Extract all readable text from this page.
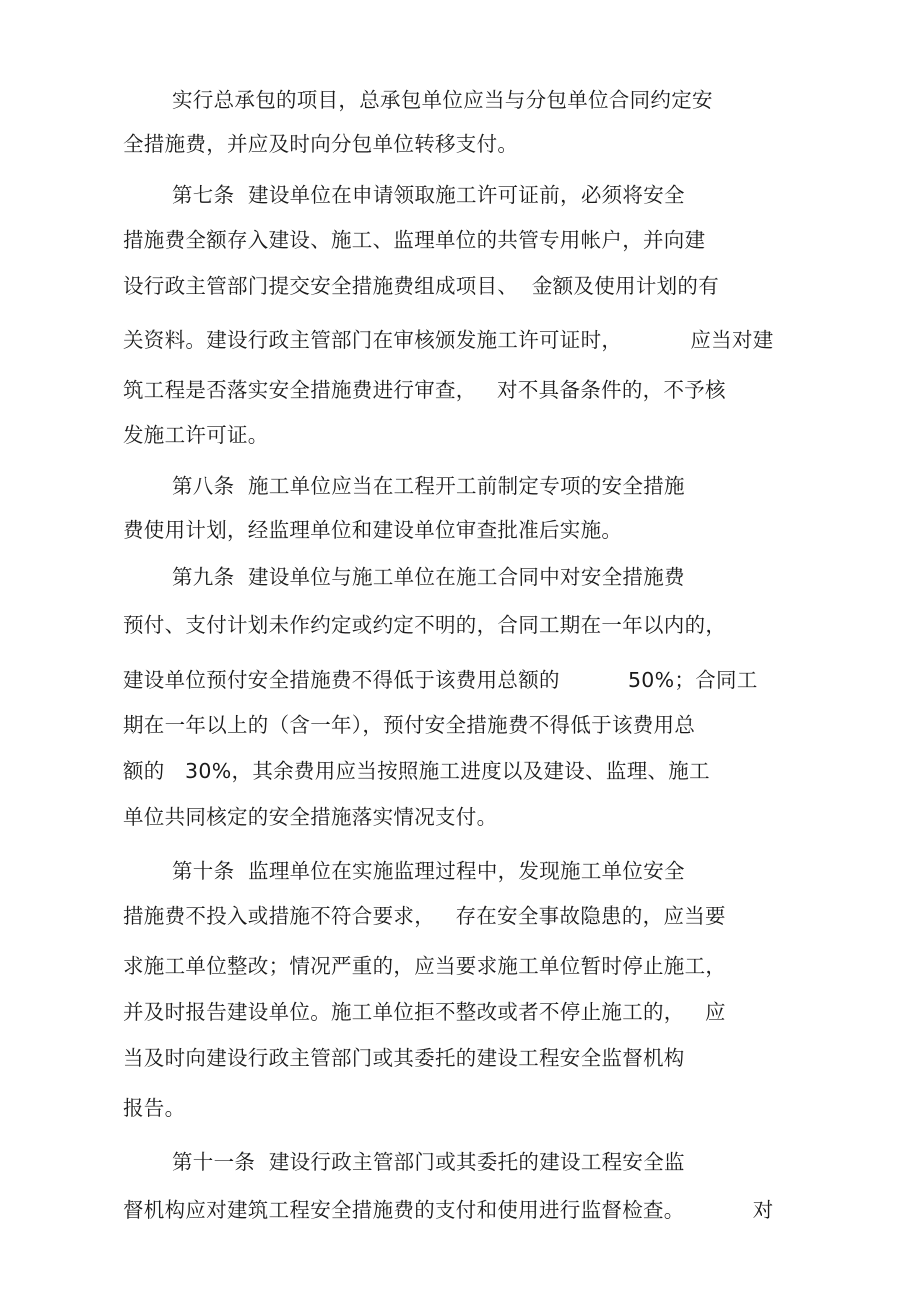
实行总承包的项目，总承包单位应当与分包单位合同约定安
全措施费，并应及时向分包单位转移支付。
第七条  建设单位在申请领取施工许可证前，必须将安全
措施费全额存入建设、施工、监理单位的共管专用帐户，并向建
设行政主管部门提交安全措施费组成项目、  金额及使用计划的有
关资料。建设行政主管部门在审核颁发施工许可证时，          应当对建
筑工程是否落实安全措施费进行审查，   对不具备条件的，不予核
发施工许可证。
第八条  施工单位应当在工程开工前制定专项的安全措施
费使用计划，经监理单位和建设单位审查批准后实施。
第九条  建设单位与施工单位在施工合同中对安全措施费
预付、支付计划未作约定或约定不明的，合同工期在一年以内的，
建设单位预付安全措施费不得低于该费用总额的          50%；合同工
期在一年以上的（含一年），预付安全措施费不得低于该费用总
额的   30%，其余费用应当按照施工进度以及建设、监理、施工
单位共同核定的安全措施落实情况支付。
第十条  监理单位在实施监理过程中，发现施工单位安全
措施费不投入或措施不符合要求，   存在安全事故隐患的，应当要
求施工单位整改；情况严重的，应当要求施工单位暂时停止施工，
并及时报告建设单位。施工单位拒不整改或者不停止施工的，   应
当及时向建设行政主管部门或其委托的建设工程安全监督机构
报告。
第十一条  建设行政主管部门或其委托的建设工程安全监
督机构应对建筑工程安全措施费的支付和使用进行监督检查。          对
